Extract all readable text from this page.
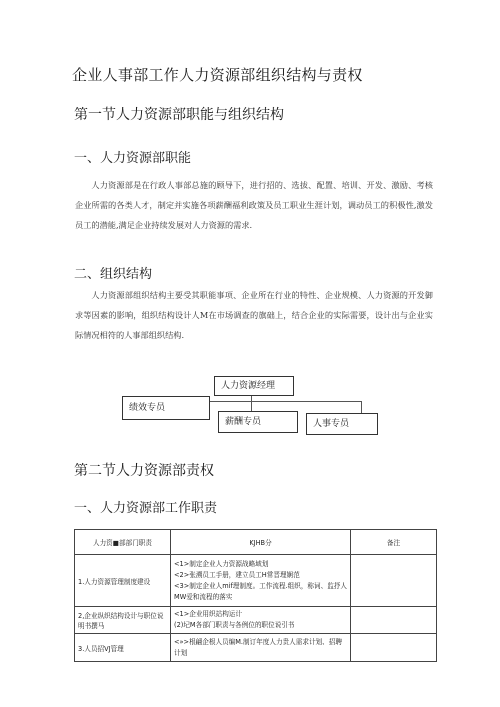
企业人事部工作人力资源部组织结构与责权
第一节人力资源部职能与组织结构
一、人力资源部职能

人力资源部是在行政人事部总施的顾导下，进行招的、选拔、配置、培训、开发、激励、考核企业所需的各类人才，制定并实施各项薪酬福利政策及员工职业生涯计划，调动员工的积极性,激发员工的潜能,满足企业持续发展对人力资源的需求.

二、组织结构

人力资源部组织结构主要受其职能事项、企业所在行业的特性、企业规模、人力资源的开发御求等因素的影响，组织结构设计人M在市场调查的旗础上，结合企业的实际需要，设计出与企业实际情况相符的人事部组织结构.

人力资源经理
绩效专员
薪酬专员	人事专员
第二节人力资源部责权
一、人力资源部工作职责
人力资■部部门职责	KJHB分	备注
1.人力资源管理制度建设	<1>制定企业人力资源战略域划
<2>张溯员工手册，建立员工H常晋理娴范
<3>制定企业人mif理制度。工作流程.组织，称词、监抒人MW爱和流程的落实	

2,企业纵织结构设计与职位说明书撰马	<1>企业用织站构运计
(2)圮M各部门职责与各例位的职位说引书	

3.人员招VJ管理	<»>根翩企根人员编M.制订年度人力贵人需求计划、招聘计划	
